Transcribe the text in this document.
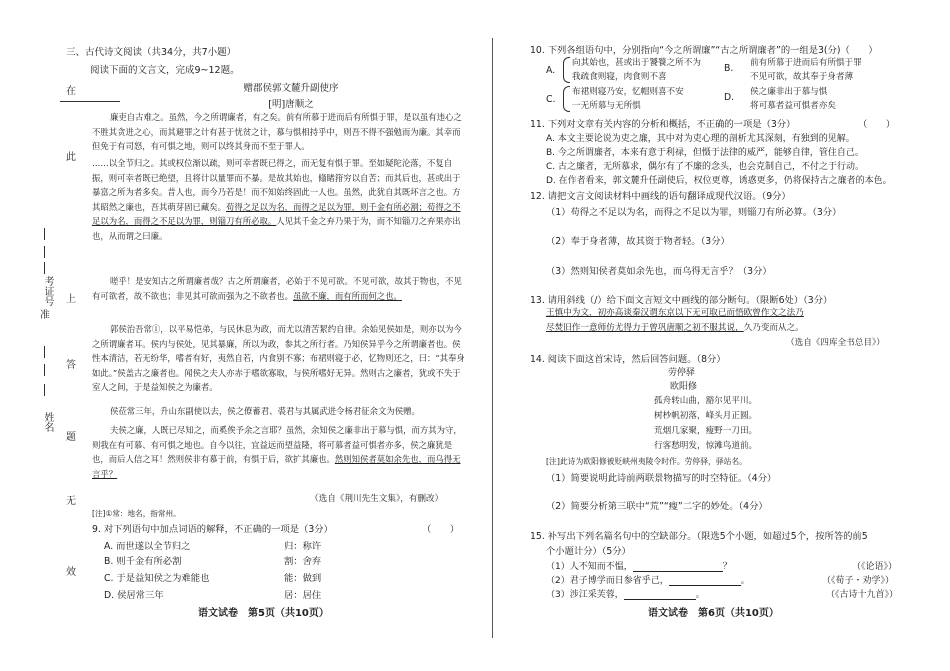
在
此
上
答
题
无
效
考证号
准
姓名
三、古代诗文阅读（共34分，共7小题）
阅读下面的文言文，完成9~12题。
赠郡侯郭文麓升副使序
[明]唐顺之
廉吏自古难之。虽然，今之所谓廉者，有之矣。前有所慕于进而后有所惧于罪，是以虽有违心之不胜其贪进之心，而其避罪之计有甚于忧贫之计，慕与惧相持乎中，则吾不得不强勉而为廉。其幸而但免于有司怒，有可惧之地，则可以终其身而不至于罪人。
……以全节归之。其或权位渐以疏，则可幸者既已得之，而无复有惧于罪。至如疑陀沦落，不复自振，则可幸者既已绝望，且将计以量罪而不暴。是故其始也，翛睹箝穷以自苦；而其后也，甚或出于暴富之所为者多矣。昔人也，而今乃若是！而不知始终固此一人也。虽然，此犹自其既坏言之也。方其昭然之廉也，吾其萌芽固已藏矣。苟得之足以为名，而得之足以为罪，则千金有所必割；苟得之不足以为名，而得之不足以为罪，则锱刀有所必取。人见其千金之弃乃果于为，而不知锱刀之弃果亦出也，从而谓之曰廉。
嗟乎！是安知古之所谓廉者哉？古之所谓廉者，必始于不见可欲。不见可欲，故其于物也，不见有可欲者，故不欲也；非见其可欲而强为之不欲者也。虽欲不廉，而有所而何之也。
郭侯治吾常①，以平易恺弟，与民休息为政，而尤以清苦絜约自律。余始见侯如是，则亦以为今之所谓廉者耳。侯内与侯处，见其暴廉，所以为政，参其之所行者。乃知侯异乎今之所谓廉者也。侯性本清洁，若无纷华，嗜者有好，夷然自若，内食别不寡；布裙则寝于必，忆物则还之，曰：“其奉身如此。”侯盖古之廉者也。闻侯之夫人亦赤于嗜欲寡取，与侯所嗜好无异。然则古之廉者，犹或不失于室人之间，于是益知侯之为廉者。
侯莅常三年，升山东副使以去，侯之僚蓄君、裘君与其属武进令杨君征余文为侯赠。
夫侯之廉，人既已尽知之，而奚俟予余之言耶？虽然，余知侯之廉非出于慕与惧，而方其为守，则我在有可慕、有可惧之地也。自今以往，宜益远而望益隆，将可慕者益可惧者亦多，侯之廉犹是也，而后人信之耳！然则侯非有慕于前，有惧于后，欲扩其廉也。然则知侯者莫如余先也，而乌得无言乎？
（选自《荆川先生文集》，有删改）
[注]①常：地名，指常州。
9. 对下列语句中加点词语的解释，不正确的一项是（3分）	（　　）
A. 而世遂以全节归之	归：称许
B. 则千金有所必割	割：舍弃
C. 于是益知侯之为难能也	能：做到
D. 侯居常三年	居：居住
语文试卷　第5页（共10页）
10. 下列各组语句中，分别指向“今之所谓廉”“古之所谓廉者”的一组是3(分)（　　）
A.
向其始也，甚或出于饕餮之所不为
我疏食则寝，肉食则不喜
B. 前有所慕于进而后有所惧于罪
不见可欲，故其奉于身者薄
C.
布裙则寝乃安，忆帽则喜不安
一无所慕与无所惧
D. 侯之廉非出于慕与惧
将可慕者益可惧者亦矣
11. 下列对文章有关内容的分析和概括，不正确的一项是（3分）	（　　）
A. 本文主要论说为吏之廉，其中对为吏心理的剖析尤其深刻，有独到的见解。
B. 今之所谓廉者，本来有意于利禄，但慑于法律的威严，能够自律，管住自己。
C. 古之廉者，无所慕求，偶尔有了不廉的念头，也会克制自己，不付之于行动。
D. 在作者看来，郭文麓升任副使后，权位更尊，诱惑更多，仍将保持古之廉者的本色。
12. 请把文言文阅读材料中画线的语句翻译成现代汉语。（9分）
（1）苟得之不足以为名，而得之不足以为罪，则锱刀有所必算。（3分）
（2）奉于身者薄，故其资于物者轻。（3分）
（3）然则知侯者莫如余先也，而乌得无言乎？（3分）
13. 请用斜线（/）给下面文言短文中画线的部分断句。（限断6处）（3分）
王慎中为文，初亦高谈秦汉谓东京以下无可取已而悟欧曾作文之法乃
尽焚旧作一意师仿尤得力于曾巩唐顺之初不服其说，久乃变而从之。
（选自《四库全书总目》）
14. 阅读下面这首宋诗，然后回答问题。（8分）
劳停驿
欧阳修
孤舟转山曲，豁尔见平川。
树杪帆初落，峰头月正圆。
荒烟几家聚，瘦野一刀田。
行客愁明发，惊滩鸟道前。
[注]此诗为欧阳修被贬峡州夷陵令时作。劳停驿，驿站名。
（1）简要说明此诗前两联景物描写的时空特征。（4分）
（2）简要分析第三联中“荒”“瘦”二字的妙处。（4分）
15. 补写出下列名篇名句中的空缺部分。（限选5个小题，如超过5个，按所答的前5
个小题计分）（5分）
（1）人不知而不愠，	？	（《论语》）
（2）君子博学而日参省乎己，	。	（《荀子・劝学》）
（3）涉江采芙蓉，	。	（《古诗十九首》）
语文试卷　第6页（共10页）
